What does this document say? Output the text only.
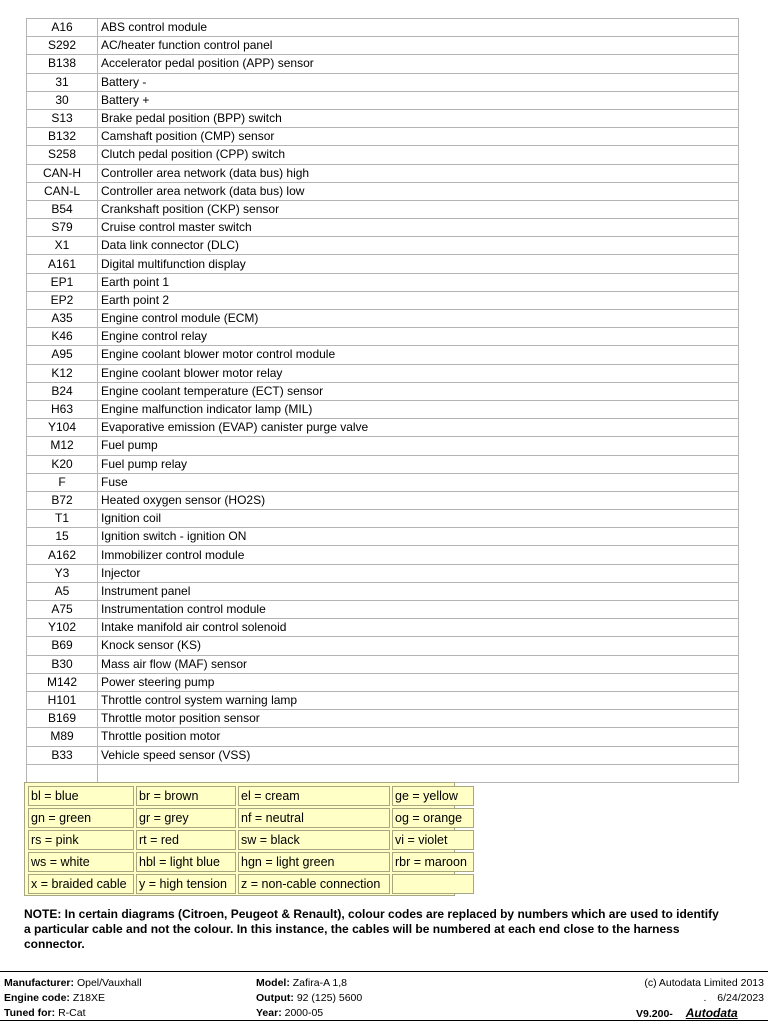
A16	ABS control module
S292	AC/heater function control panel
B138	Accelerator pedal position (APP) sensor
31	Battery -
30	Battery +
S13	Brake pedal position (BPP) switch
B132	Camshaft position (CMP) sensor
S258	Clutch pedal position (CPP) switch
CAN-H	Controller area network (data bus) high
CAN-L	Controller area network (data bus) low
B54	Crankshaft position (CKP) sensor
S79	Cruise control master switch
X1	Data link connector (DLC)
A161	Digital multifunction display
EP1	Earth point 1
EP2	Earth point 2
A35	Engine control module (ECM)
K46	Engine control relay
A95	Engine coolant blower motor control module
K12	Engine coolant blower motor relay
B24	Engine coolant temperature (ECT) sensor
H63	Engine malfunction indicator lamp (MIL)
Y104	Evaporative emission (EVAP) canister purge valve
M12	Fuel pump
K20	Fuel pump relay
F	Fuse
B72	Heated oxygen sensor (HO2S)
T1	Ignition coil
15	Ignition switch - ignition ON
A162	Immobilizer control module
Y3	Injector
A5	Instrument panel
A75	Instrumentation control module
Y102	Intake manifold air control solenoid
B69	Knock sensor (KS)
B30	Mass air flow (MAF) sensor
M142	Power steering pump
H101	Throttle control system warning lamp
B169	Throttle motor position sensor
M89	Throttle position motor
B33	Vehicle speed sensor (VSS)

bl = blue	br = brown	el = cream	ge = yellow
gn = green	gr = grey	nf = neutral	og = orange
rs = pink	rt = red	sw = black	vi = violet
ws = white	hbl = light blue	hgn = light green	rbr = maroon
x = braided cable	y = high tension	z = non-cable connection	
NOTE: In certain diagrams (Citroen, Peugeot & Renault), colour codes are replaced by numbers which are used to identify a particular cable and not the colour. In this instance, the cables will be numbered at each end close to the harness connector.
Manufacturer: Opel/Vauxhall
Engine code: Z18XE
Tuned for: R-Cat
Model: Zafira-A 1,8
Output: 92 (125) 5600
Year: 2000-05
(c) Autodata Limited 2013
. 6/24/2023
V9.200- Autodata
